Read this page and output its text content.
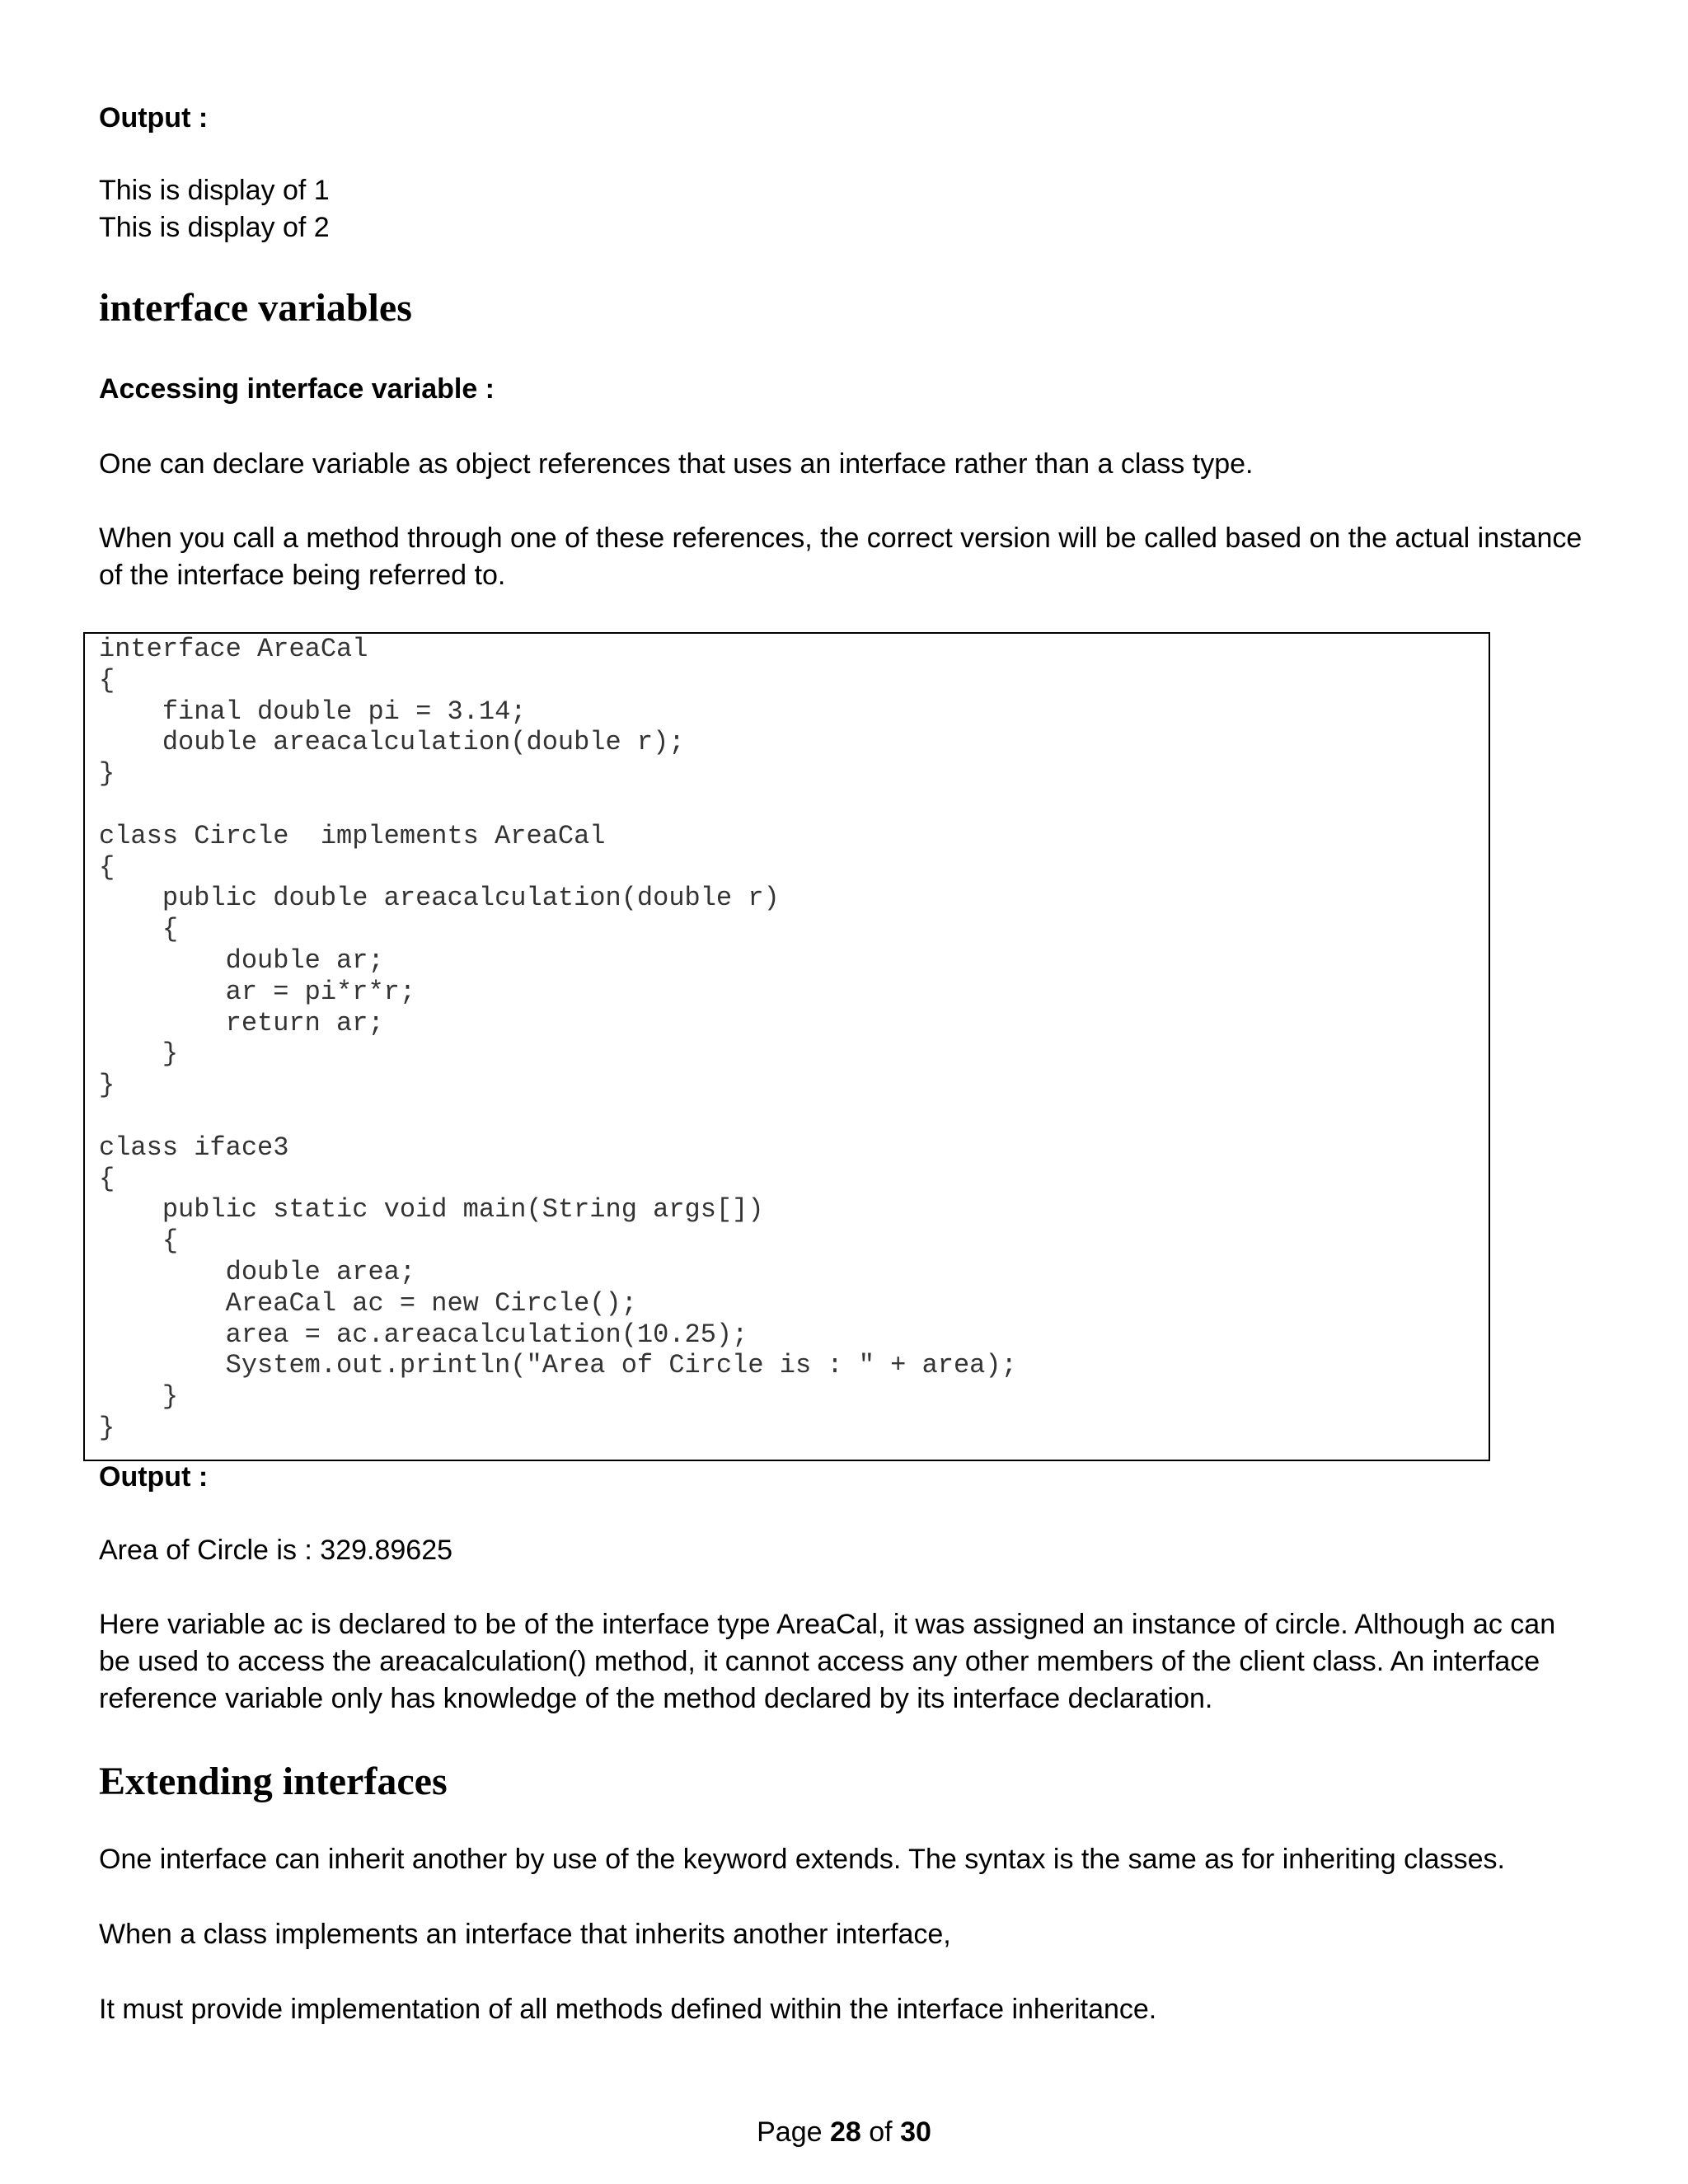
Output :
This is display of 1
This is display of 2
interface variables
Accessing interface variable :

One can declare variable as object references that uses an interface rather than a class type.

When you call a method through one of these references, the correct version will be called based on the actual instance of the interface being referred to.

interface AreaCal
{
final double pi = 3.14;
double areacalculation(double r);
}

class Circle  implements AreaCal
{
public double areacalculation(double r)
{
double ar;
ar = pi*r*r;
return ar;
}
}

class iface3
{
public static void main(String args[])
{
double area;
AreaCal ac = new Circle();
area = ac.areacalculation(10.25);
System.out.println("Area of Circle is : " + area);
}
}
Output :
Area of Circle is : 329.89625

Here variable ac is declared to be of the interface type AreaCal, it was assigned an instance of circle. Although ac can be used to access the areacalculation() method, it cannot access any other members of the client class. An interface reference variable only has knowledge of the method declared by its interface declaration.

Extending interfaces

One interface can inherit another by use of the keyword extends. The syntax is the same as for inheriting classes.

When a class implements an interface that inherits another interface,

It must provide implementation of all methods defined within the interface inheritance.

Page 28 of 30
